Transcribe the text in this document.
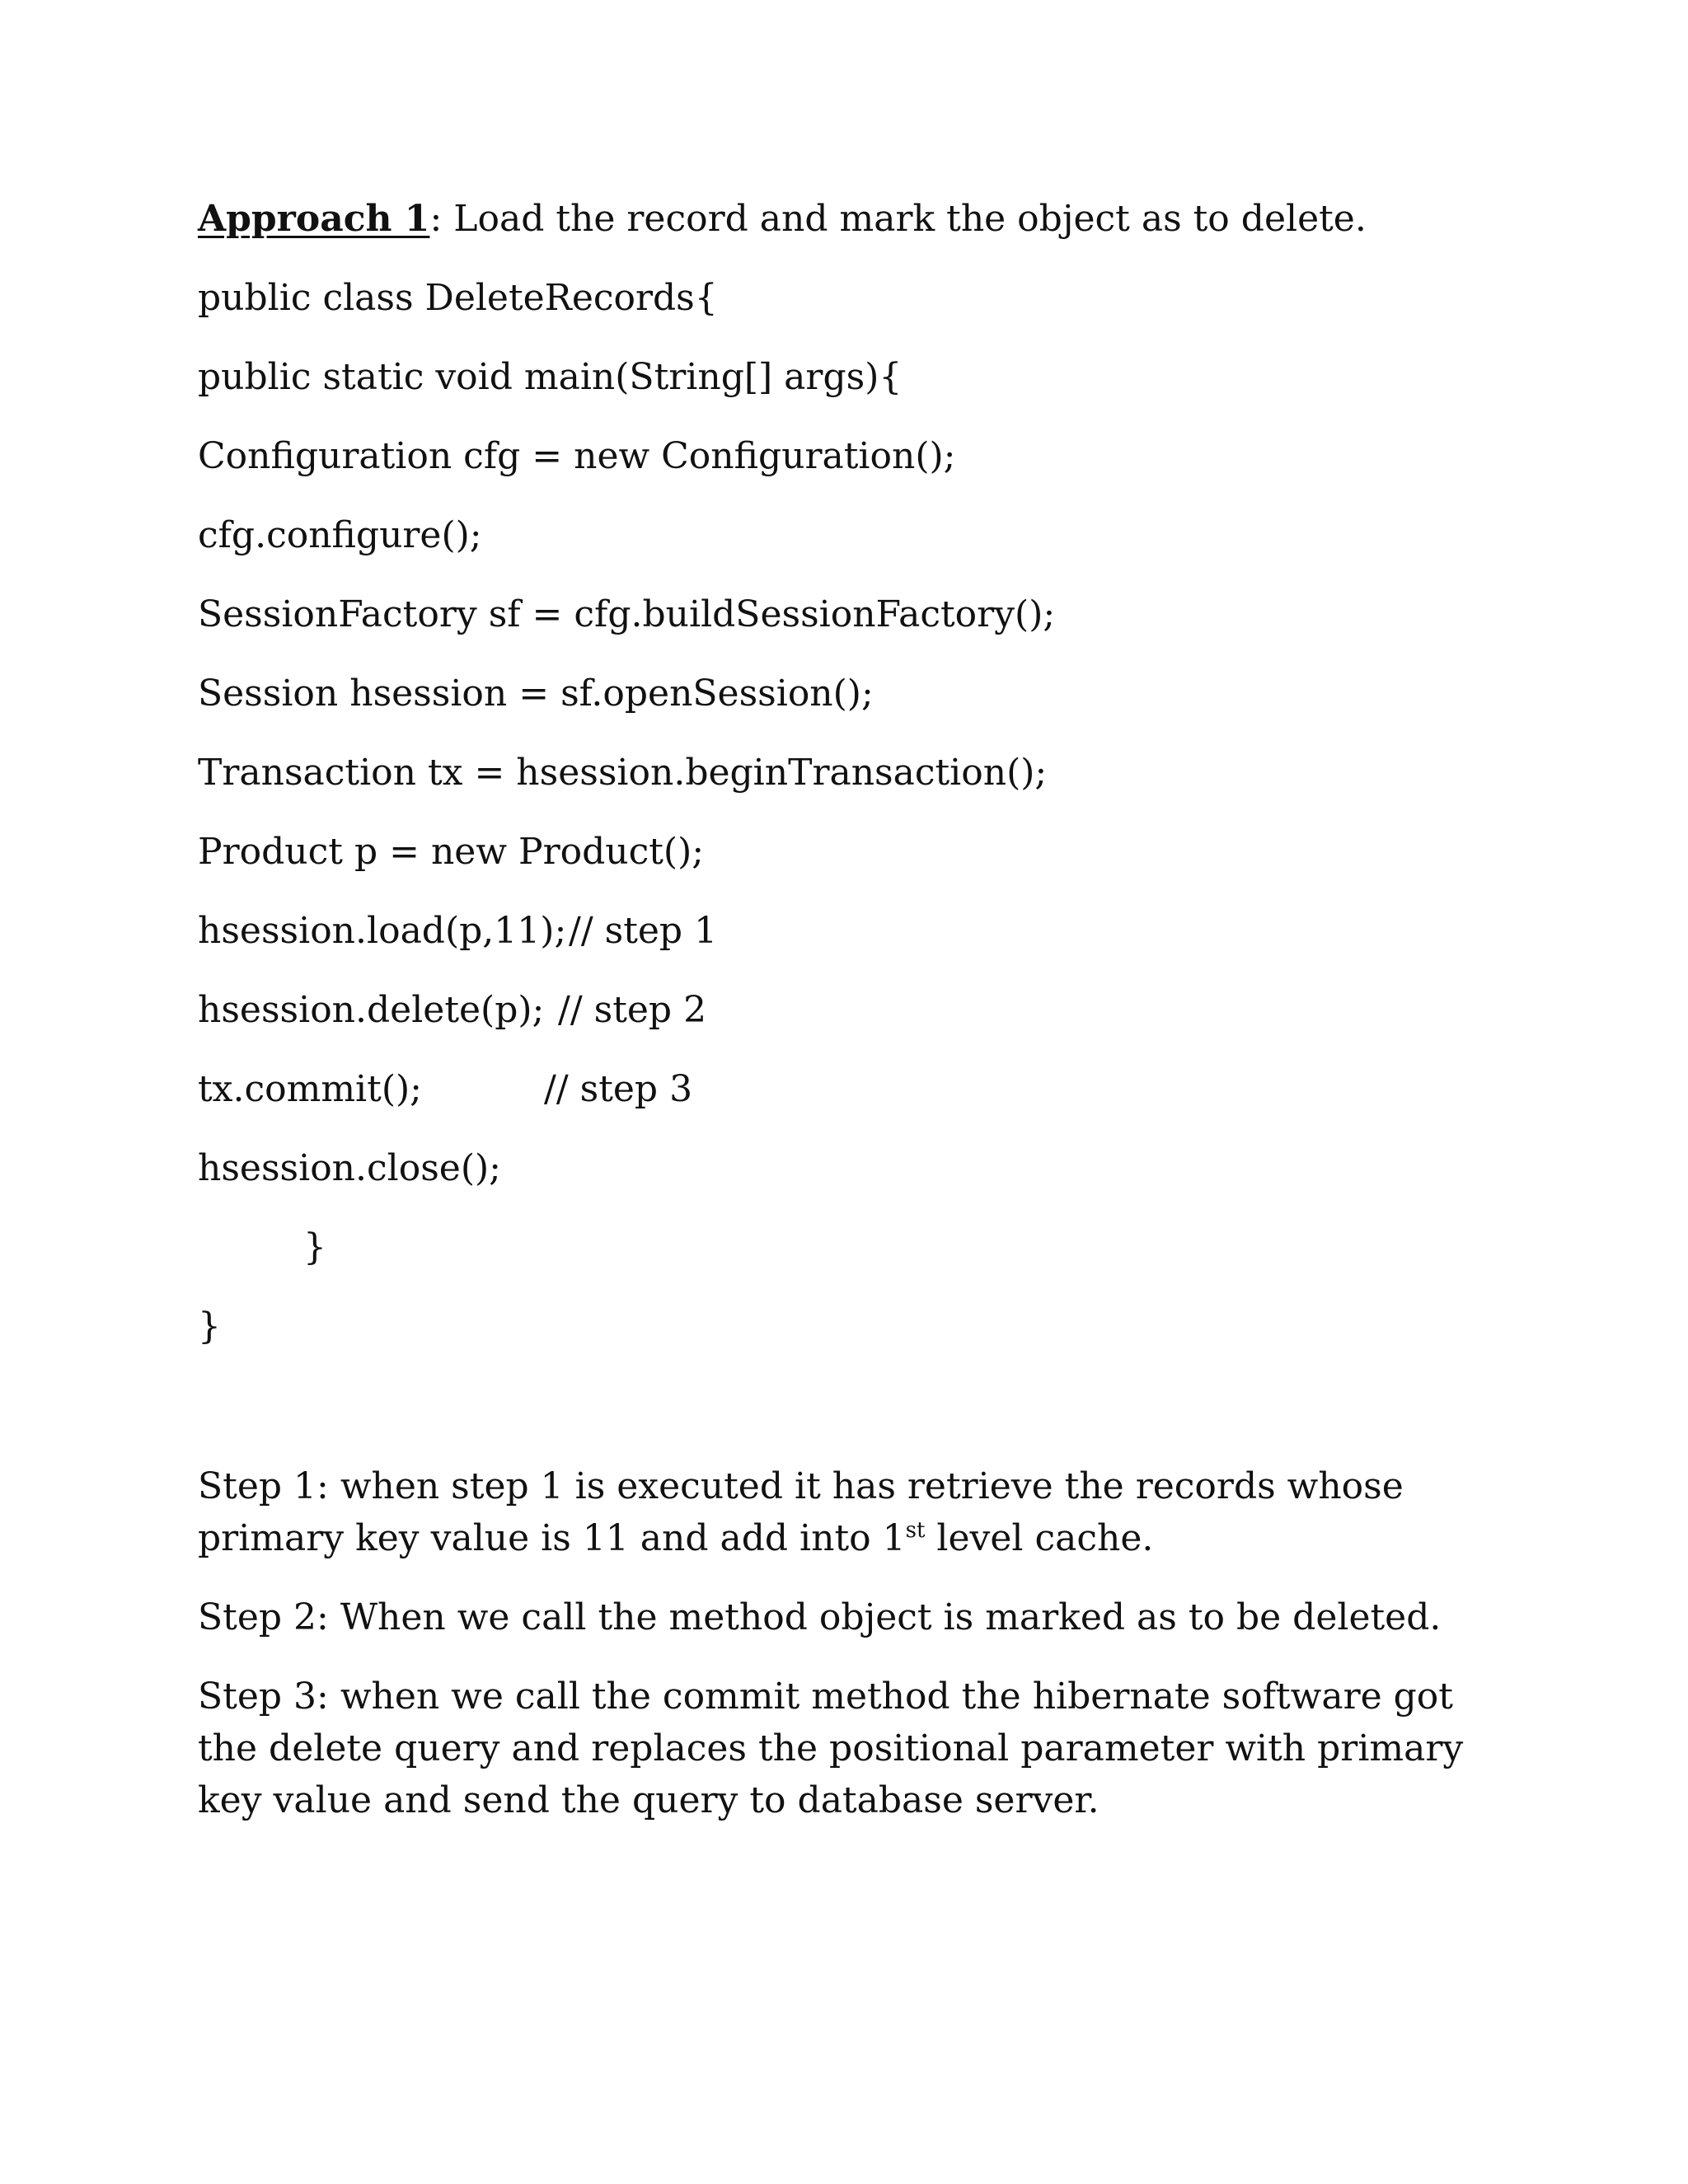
Approach 1: Load the record and mark the object as to delete.
public class DeleteRecords{
public static void main(String[] args){
Configuration cfg = new Configuration();
cfg.configure();
SessionFactory sf = cfg.buildSessionFactory();
Session hsession = sf.openSession();
Transaction tx = hsession.beginTransaction();
Product p = new Product();
hsession.load(p,11); // step 1
hsession.delete(p); // step 2
tx.commit();	// step 3
hsession.close();
}
}
Step 1: when step 1 is executed it has retrieve the records whose primary key value is 11 and add into 1st level cache.
Step 2: When we call the method object is marked as to be deleted.
Step 3: when we call the commit method the hibernate software got the delete query and replaces the positional parameter with primary key value and send the query to database server.
